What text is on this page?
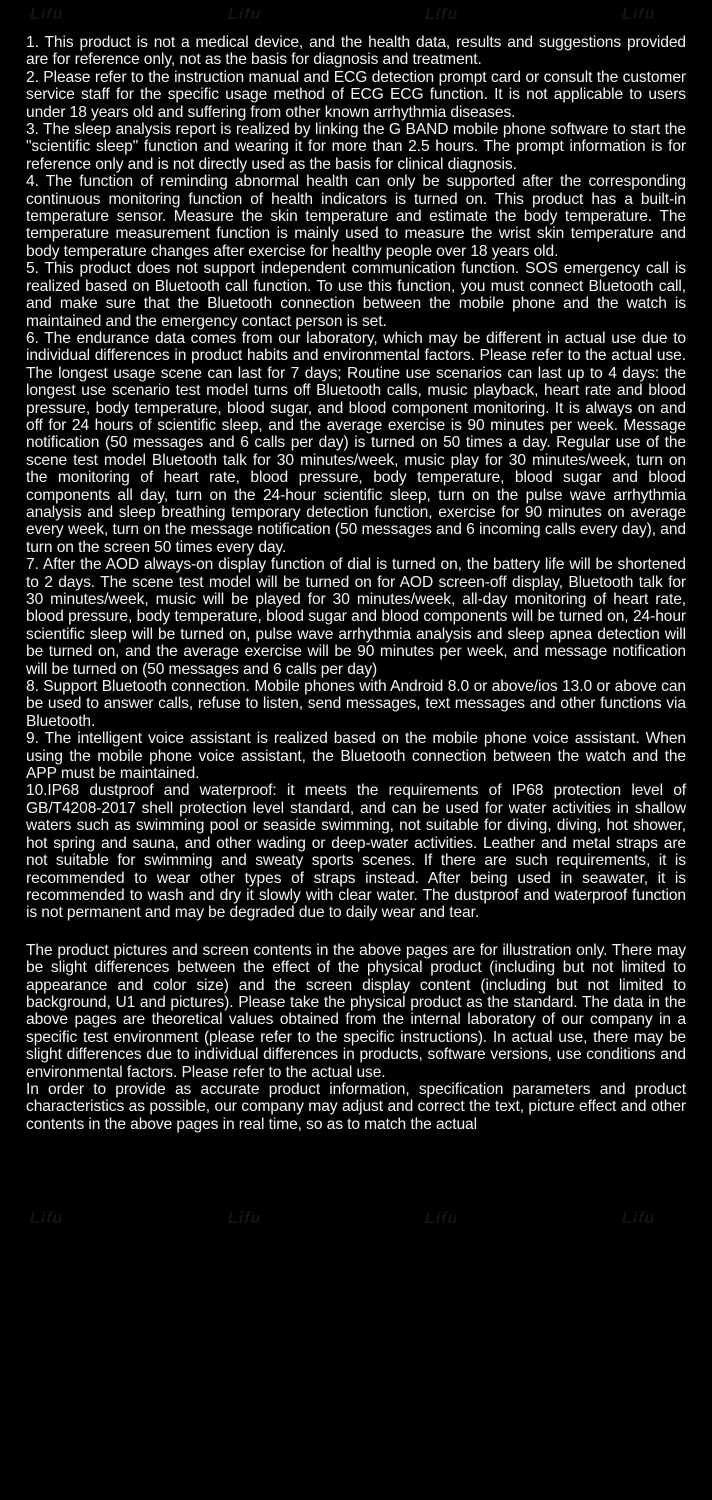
Lifu	Lifu	Lifu	Lifu
Lifu	Lifu	Lifu	Lifu

1. This product is not a medical device, and the health data, results and suggestions provided are for reference only, not as the basis for diagnosis and treatment.

2. Please refer to the instruction manual and ECG detection prompt card or consult the customer service staff for the specific usage method of ECG ECG function. It is not applicable to users under 18 years old and suffering from other known arrhythmia diseases.

3. The sleep analysis report is realized by linking the G BAND mobile phone software to start the "scientific sleep" function and wearing it for more than 2.5 hours. The prompt information is for reference only and is not directly used as the basis for clinical diagnosis.

4. The function of reminding abnormal health can only be supported after the corresponding continuous monitoring function of health indicators is turned on. This product has a built-in temperature sensor. Measure the skin temperature and estimate the body temperature. The temperature measurement function is mainly used to measure the wrist skin temperature and body temperature changes after exercise for healthy people over 18 years old.

5. This product does not support independent communication function. SOS emergency call is realized based on Bluetooth call function. To use this function, you must connect Bluetooth call, and make sure that the Bluetooth connection between the mobile phone and the watch is maintained and the emergency contact person is set.

6. The endurance data comes from our laboratory, which may be different in actual use due to individual differences in product habits and environmental factors. Please refer to the actual use. The longest usage scene can last for 7 days; Routine use scenarios can last up to 4 days: the longest use scenario test model turns off Bluetooth calls, music playback, heart rate and blood pressure, body temperature, blood sugar, and blood component monitoring. It is always on and off for 24 hours of scientific sleep, and the average exercise is 90 minutes per week. Message notification (50 messages and 6 calls per day) is turned on 50 times a day. Regular use of the scene test model Bluetooth talk for 30 minutes/week, music play for 30 minutes/week, turn on the monitoring of heart rate, blood pressure, body temperature, blood sugar and blood components all day, turn on the 24-hour scientific sleep, turn on the pulse wave arrhythmia analysis and sleep breathing temporary detection function, exercise for 90 minutes on average every week, turn on the message notification (50 messages and 6 incoming calls every day), and turn on the screen 50 times every day.

7. After the AOD always-on display function of dial is turned on, the battery life will be shortened to 2 days. The scene test model will be turned on for AOD screen-off display, Bluetooth talk for 30 minutes/week, music will be played for 30 minutes/week, all-day monitoring of heart rate, blood pressure, body temperature, blood sugar and blood components will be turned on, 24-hour scientific sleep will be turned on, pulse wave arrhythmia analysis and sleep apnea detection will be turned on, and the average exercise will be 90 minutes per week, and message notification will be turned on (50 messages and 6 calls per day)

8. Support Bluetooth connection. Mobile phones with Android 8.0 or above/ios 13.0 or above can be used to answer calls, refuse to listen, send messages, text messages and other functions via Bluetooth.

9. The intelligent voice assistant is realized based on the mobile phone voice assistant. When using the mobile phone voice assistant, the Bluetooth connection between the watch and the APP must be maintained.

10.IP68 dustproof and waterproof: it meets the requirements of IP68 protection level of GB/T4208-2017 shell protection level standard, and can be used for water activities in shallow waters such as swimming pool or seaside swimming, not suitable for diving, diving, hot shower, hot spring and sauna, and other wading or deep-water activities. Leather and metal straps are not suitable for swimming and sweaty sports scenes. If there are such requirements, it is recommended to wear other types of straps instead. After being used in seawater, it is recommended to wash and dry it slowly with clear water. The dustproof and waterproof function is not permanent and may be degraded due to daily wear and tear.

The product pictures and screen contents in the above pages are for illustration only. There may be slight differences between the effect of the physical product (including but not limited to appearance and color size) and the screen display content (including but not limited to background, U1 and pictures). Please take the physical product as the standard. The data in the above pages are theoretical values obtained from the internal laboratory of our company in a specific test environment (please refer to the specific instructions). In actual use, there may be slight differences due to individual differences in products, software versions, use conditions and environmental factors. Please refer to the actual use.

In order to provide as accurate product information, specification parameters and product characteristics as possible, our company may adjust and correct the text, picture effect and other contents in the above pages in real time, so as to match the actual
